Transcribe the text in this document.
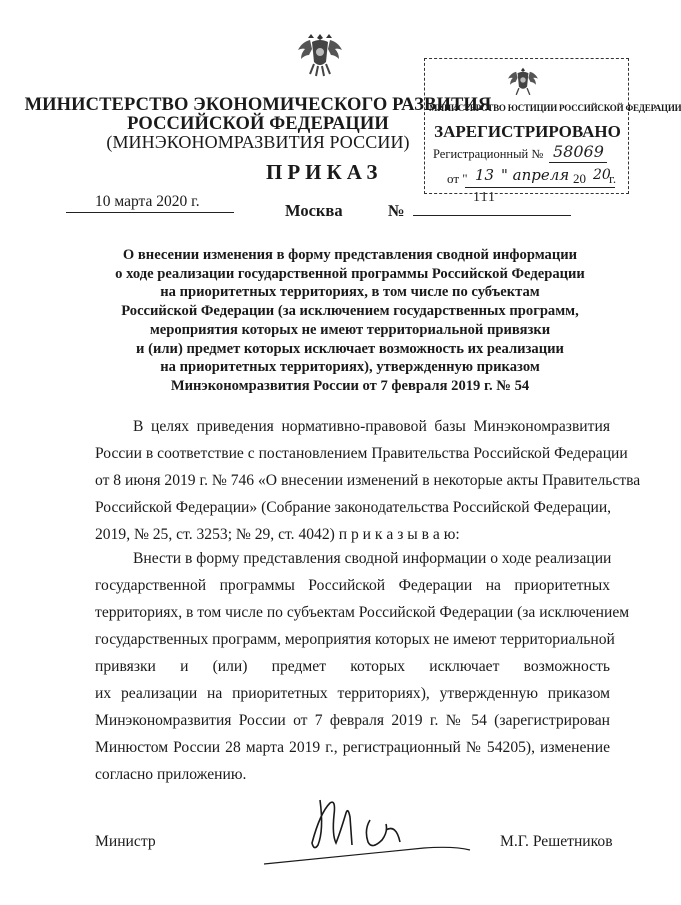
МИНИСТЕРСТВО ЭКОНОМИЧЕСКОГО РАЗВИТИЯ
РОССИЙСКОЙ ФЕДЕРАЦИИ
(МИНЭКОНОМРАЗВИТИЯ РОССИИ)
ПРИКАЗ
10 марта 2020 г.	Москва	№
111
МИНИСТЕРСТВО ЮСТИЦИИ РОССИЙСКОЙ ФЕДЕРАЦИИ
ЗАРЕГИСТРИРОВАНО
Регистрационный № 58069
от " 13 " апреля 20 20
г.
О внесении изменения в форму представления сводной информации
о ходе реализации государственной программы Российской Федерации
на приоритетных территориях, в том числе по субъектам
Российской Федерации (за исключением государственных программ,
мероприятия которых не имеют территориальной привязки
и (или) предмет которых исключает возможность их реализации
на приоритетных территориях), утвержденную приказом
Минэкономразвития России от 7 февраля 2019 г. № 54
В целях приведения нормативно-правовой базы Минэкономразвития
России в соответствие с постановлением Правительства Российской Федерации
от 8 июня 2019 г. № 746 «О внесении изменений в некоторые акты Правительства
Российской Федерации» (Собрание законодательства Российской Федерации,
2019, № 25, ст. 3253; № 29, ст. 4042) п р и к а з ы в а ю:
Внести в форму представления сводной информации о ходе реализации
государственной программы Российской Федерации на приоритетных
территориях, в том числе по субъектам Российской Федерации (за исключением
государственных программ, мероприятия которых не имеют территориальной
привязки и (или) предмет которых исключает возможность
их реализации на приоритетных территориях), утвержденную приказом
Минэкономразвития России от 7 февраля 2019 г. № 54 (зарегистрирован
Минюстом России 28 марта 2019 г., регистрационный № 54205), изменение
согласно приложению.
Министр	М.Г. Решетников
